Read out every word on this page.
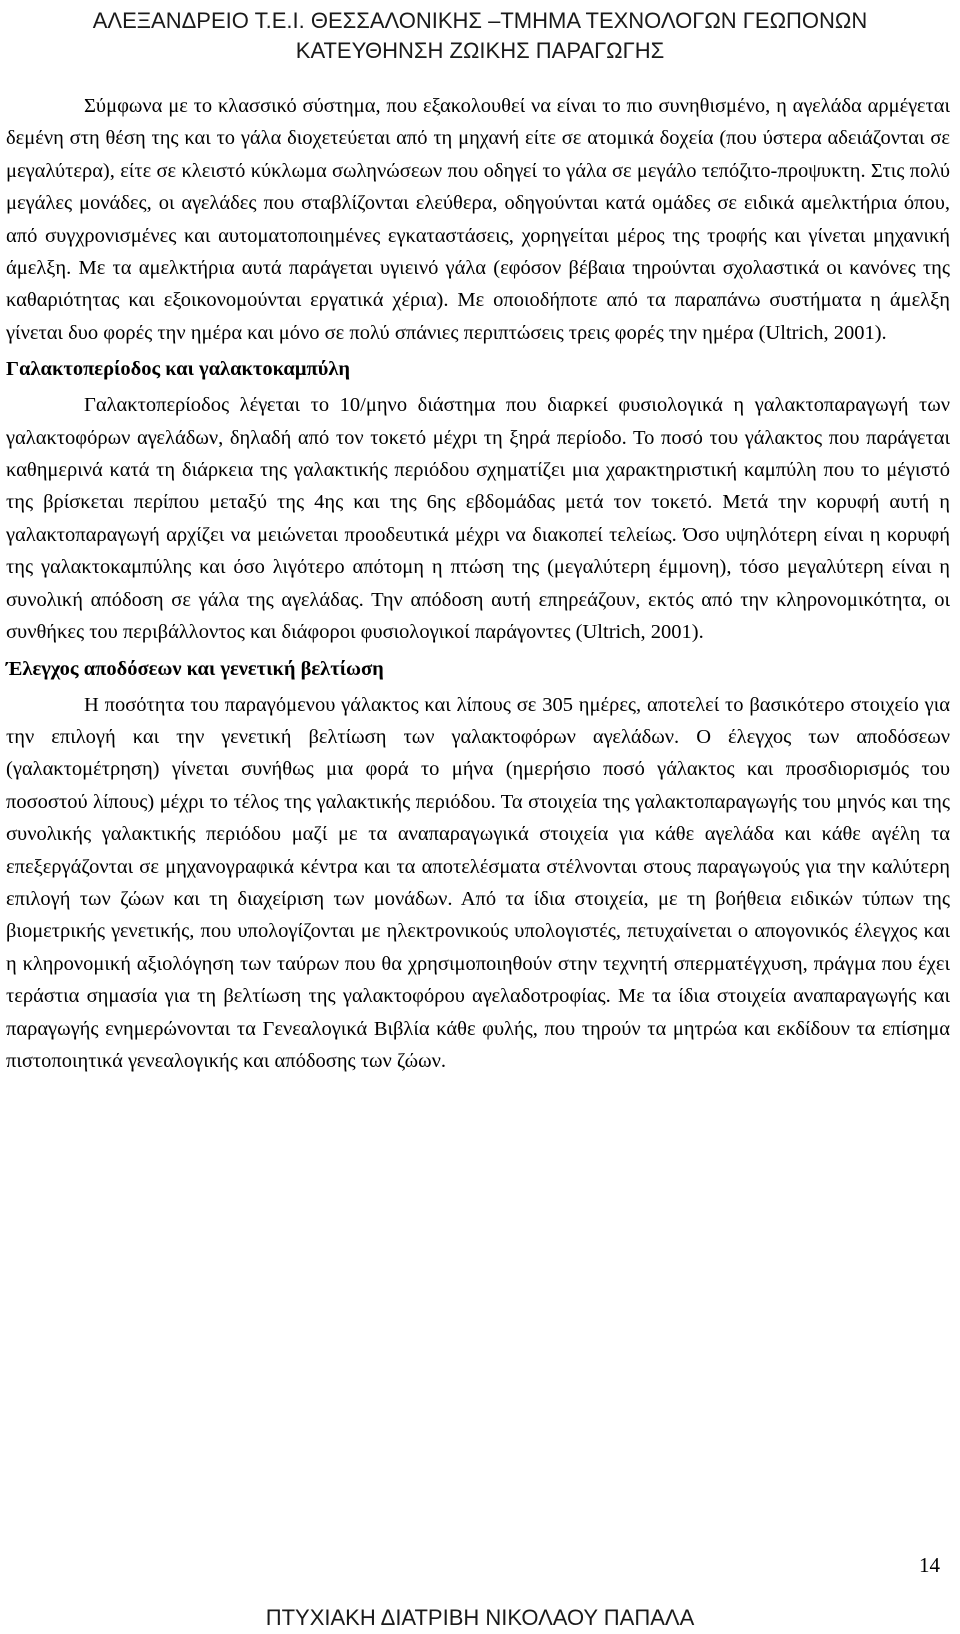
ΑΛΕΞΑΝΔΡΕΙΟ Τ.Ε.Ι. ΘΕΣΣΑΛΟΝΙΚΗΣ –ΤΜΗΜΑ ΤΕΧΝΟΛΟΓΩΝ ΓΕΩΠΟΝΩΝ
ΚΑΤΕΥΘΗΝΣΗ ΖΩΙΚΗΣ ΠΑΡΑΓΩΓΗΣ

Σύμφωνα με το κλασσικό σύστημα, που εξακολουθεί να είναι το πιο συνηθισμένο, η αγελάδα αρμέγεται δεμένη στη θέση της και το γάλα διοχετεύεται από τη μηχανή είτε σε ατομικά δοχεία (που ύστερα αδειάζονται σε μεγαλύτερα), είτε σε κλειστό κύκλωμα σωληνώσεων που οδηγεί το γάλα σε μεγάλο τεπόζιτο-προψυκτη. Στις πολύ μεγάλες μονάδες, οι αγελάδες που σταβλίζονται ελεύθερα, οδηγούνται κατά ομάδες σε ειδικά αμελκτήρια όπου, από συγχρονισμένες και αυτοματοποιημένες εγκαταστάσεις, χορηγείται μέρος της τροφής και γίνεται μηχανική άμελξη. Με τα αμελκτήρια αυτά παράγεται υγιεινό γάλα (εφόσον βέβαια τηρούνται σχολαστικά οι κανόνες της καθαριότητας και εξοικονομούνται εργατικά χέρια). Με οποιοδήποτε από τα παραπάνω συστήματα η άμελξη γίνεται δυο φορές την ημέρα και μόνο σε πολύ σπάνιες περιπτώσεις τρεις φορές την ημέρα (Ultrich, 2001).

Γαλακτοπερίοδος και γαλακτοκαμπύλη

Γαλακτοπερίοδος λέγεται το 10/μηνο διάστημα που διαρκεί φυσιολογικά η γαλακτοπαραγωγή των γαλακτοφόρων αγελάδων, δηλαδή από τον τοκετό μέχρι τη ξηρά περίοδο. Το ποσό του γάλακτος που παράγεται καθημερινά κατά τη διάρκεια της γαλακτικής περιόδου σχηματίζει μια χαρακτηριστική καμπύλη που το μέγιστό της βρίσκεται περίπου μεταξύ της 4ης και της 6ης εβδομάδας μετά τον τοκετό. Μετά την κορυφή αυτή η γαλακτοπαραγωγή αρχίζει να μειώνεται προοδευτικά μέχρι να διακοπεί τελείως. Όσο υψηλότερη είναι η κορυφή της γαλακτοκαμπύλης και όσο λιγότερο απότομη η πτώση της (μεγαλύτερη έμμονη), τόσο μεγαλύτερη είναι η συνολική απόδοση σε γάλα της αγελάδας. Την απόδοση αυτή επηρεάζουν, εκτός από την κληρονομικότητα, οι συνθήκες του περιβάλλοντος και διάφοροι φυσιολογικοί παράγοντες (Ultrich, 2001).

Έλεγχος αποδόσεων και γενετική βελτίωση

Η ποσότητα του παραγόμενου γάλακτος και λίπους σε 305 ημέρες, αποτελεί το βασικότερο στοιχείο για την επιλογή και την γενετική βελτίωση των γαλακτοφόρων αγελάδων. Ο έλεγχος των αποδόσεων (γαλακτομέτρηση) γίνεται συνήθως μια φορά το μήνα (ημερήσιο ποσό γάλακτος και προσδιορισμός του ποσοστού λίπους) μέχρι το τέλος της γαλακτικής περιόδου. Τα στοιχεία της γαλακτοπαραγωγής του μηνός και της συνολικής γαλακτικής περιόδου μαζί με τα αναπαραγωγικά στοιχεία για κάθε αγελάδα και κάθε αγέλη τα επεξεργάζονται σε μηχανογραφικά κέντρα και τα αποτελέσματα στέλνονται στους παραγωγούς για την καλύτερη επιλογή των ζώων και τη διαχείριση των μονάδων. Από τα ίδια στοιχεία, με τη βοήθεια ειδικών τύπων της βιομετρικής γενετικής, που υπολογίζονται με ηλεκτρονικούς υπολογιστές, πετυχαίνεται ο απογονικός έλεγχος και η κληρονομική αξιολόγηση των ταύρων που θα χρησιμοποιηθούν στην τεχνητή σπερματέγχυση, πράγμα που έχει τεράστια σημασία για τη βελτίωση της γαλακτοφόρου αγελαδοτροφίας. Με τα ίδια στοιχεία αναπαραγωγής και παραγωγής ενημερώνονται τα Γενεαλογικά Βιβλία κάθε φυλής, που τηρούν τα μητρώα και εκδίδουν τα επίσημα πιστοποιητικά γενεαλογικής και απόδοσης των ζώων.

14
ΠΤΥΧΙΑΚΗ ΔΙΑΤΡΙΒΗ ΝΙΚΟΛΑΟΥ ΠΑΠΑΛΑ
